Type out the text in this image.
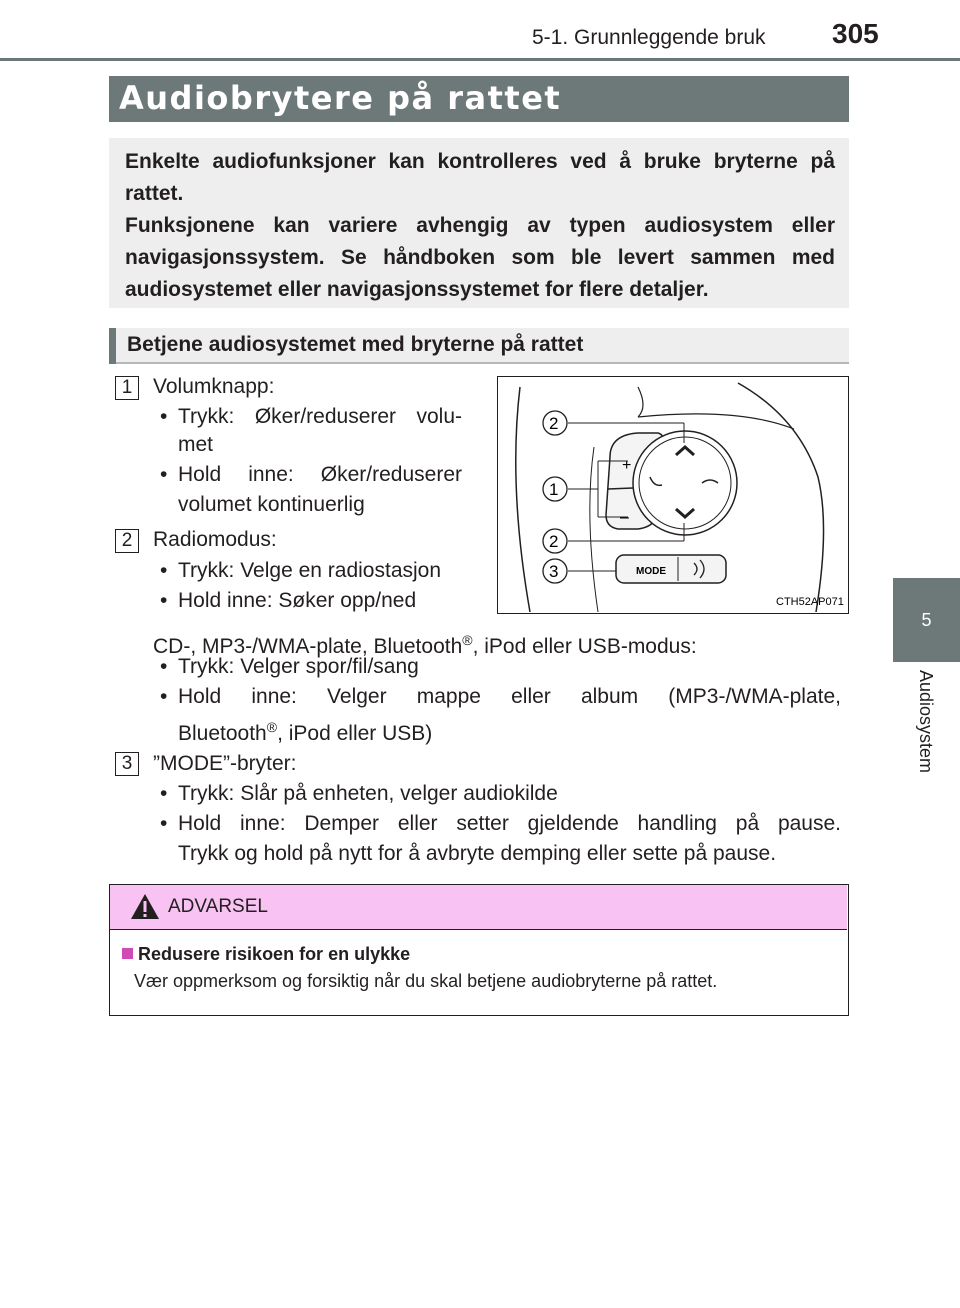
5-1. Grunnleggende bruk 305
5
Audiosystem
Audiobrytere på rattet

Enkelte audiofunksjoner kan kontrolleres ved å bruke bryterne på rattet.

Funksjonene kan variere avhengig av typen audiosystem eller navigasjonssystem. Se håndboken som ble levert sammen med audiosystemet eller navigasjonssystemet for flere detaljer.

Betjene audiosystemet med bryterne på rattet
1 Volumknapp:
• Trykk: Øker/reduserer volu-
met
• Hold inne: Øker/reduserer
volumet kontinuerlig
2 Radiomodus:
• Trykk: Velge en radiostasjon
• Hold inne: Søker opp/ned
CD-, MP3-/WMA-plate, Bluetooth®, iPod eller USB-modus:
• Trykk: Velger spor/fil/sang
• Hold inne: Velger mappe eller album (MP3-/WMA-plate,
Bluetooth®, iPod eller USB)
3 ”MODE”-bryter:
• Trykk: Slår på enheten, velger audiokilde
• Hold inne: Demper eller setter gjeldende handling på pause.
Trykk og hold på nytt for å avbryte demping eller sette på pause.
+
–
MODE
2
1
2
3
CTH52AP071
ADVARSEL
Redusere risikoen for en ulykke
Vær oppmerksom og forsiktig når du skal betjene audiobryterne på rattet.
